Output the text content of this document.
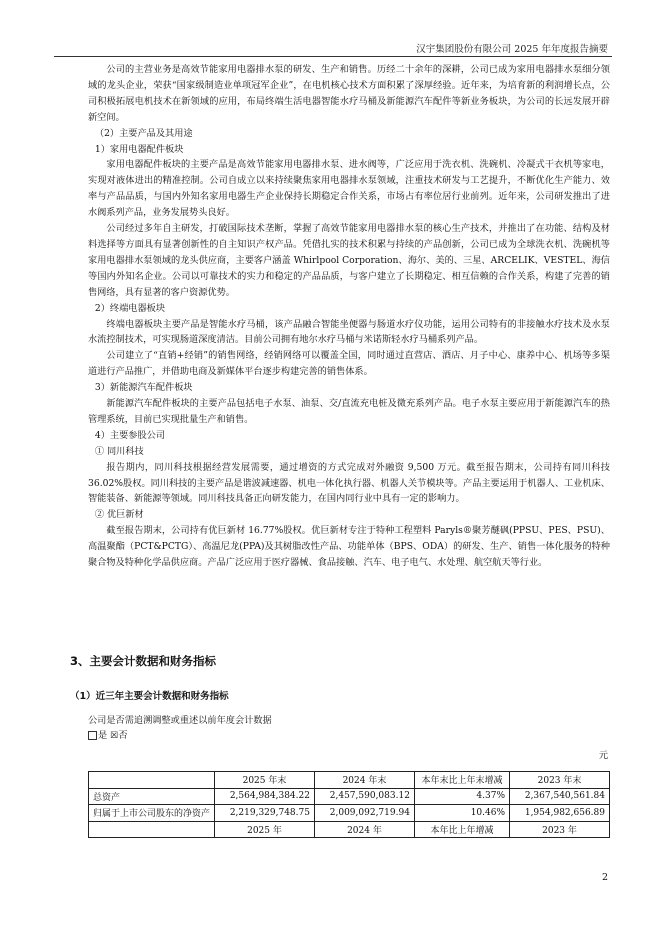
汉宇集团股份有限公司 2025 年年度报告摘要

公司的主营业务是高效节能家用电器排水泵的研发、生产和销售。历经二十余年的深耕，公司已成为家用电器排水泵细分领域的龙头企业，荣获“国家级制造业单项冠军企业”，在电机核心技术方面积累了深厚经验。近年来，为培育新的利润增长点，公司积极拓展电机技术在新领域的应用，布局终端生活电器智能水疗马桶及新能源汽车配件等新业务板块，为公司的长远发展开辟新空间。

（2）主要产品及其用途

1）家用电器配件板块

家用电器配件板块的主要产品是高效节能家用电器排水泵、进水阀等，广泛应用于洗衣机、洗碗机、冷凝式干衣机等家电，实现对液体进出的精准控制。公司自成立以来持续聚焦家用电器排水泵领域，注重技术研发与工艺提升，不断优化生产能力、效率与产品品质，与国内外知名家用电器生产企业保持长期稳定合作关系，市场占有率位居行业前列。近年来，公司研发推出了进水阀系列产品，业务发展势头良好。

公司经过多年自主研发，打破国际技术垄断，掌握了高效节能家用电器排水泵的核心生产技术，并推出了在功能、结构及材料选择等方面具有显著创新性的自主知识产权产品。凭借扎实的技术积累与持续的产品创新，公司已成为全球洗衣机、洗碗机等家用电器排水泵领域的龙头供应商，主要客户涵盖 Whirlpool Corporation、海尔、美的、三星、ARCELIK、VESTEL、海信等国内外知名企业。公司以可靠技术的实力和稳定的产品品质，与客户建立了长期稳定、相互信赖的合作关系，构建了完善的销售网络，具有显著的客户资源优势。

2）终端电器板块

终端电器板块主要产品是智能水疗马桶，该产品融合智能坐便器与肠道水疗仪功能，运用公司特有的非接触水疗技术及水泵水流控制技术，可实现肠道深度清洁。目前公司拥有地尔水疗马桶与米诺斯轻水疗马桶系列产品。

公司建立了“直销+经销”的销售网络，经销网络可以覆盖全国，同时通过直营店、酒店、月子中心、康养中心、机场等多渠道进行产品推广，并借助电商及新媒体平台逐步构建完善的销售体系。

3）新能源汽车配件板块

新能源汽车配件板块的主要产品包括电子水泵、油泵、交/直流充电桩及微充系列产品。电子水泵主要应用于新能源汽车的热管理系统，目前已实现批量生产和销售。

4）主要参股公司

① 同川科技

报告期内，同川科技根据经营发展需要，通过增资的方式完成对外融资 9,500 万元。截至报告期末，公司持有同川科技 36.02%股权。同川科技的主要产品是谐波减速器、机电一体化执行器、机器人关节模块等。产品主要运用于机器人、工业机床、智能装备、新能源等领域。同川科技具备正向研发能力，在国内同行业中具有一定的影响力。

② 优巨新材

截至报告期末，公司持有优巨新材 16.77%股权。优巨新材专注于特种工程塑料 Paryls®聚芳醚砜(PPSU、PES、PSU)、高温聚酯（PCT&PCTG）、高温尼龙(PPA)及其树脂改性产品、功能单体（BPS、ODA）的研发、生产、销售一体化服务的特种聚合物及特种化学品供应商。产品广泛应用于医疗器械、食品接触、汽车、电子电气、水处理、航空航天等行业。

3、主要会计数据和财务指标
（1）近三年主要会计数据和财务指标
公司是否需追溯调整或重述以前年度会计数据
是 ☒否
元
	2025 年末	2024 年末	本年末比上年末增减	2023 年末
总资产	2,564,984,384.22	2,457,590,083.12	4.37%	2,367,540,561.84
归属于上市公司股东的净资产	2,219,329,748.75	2,009,092,719.94	10.46%	1,954,982,656.89
	2025 年	2024 年	本年比上年增减	2023 年
2
